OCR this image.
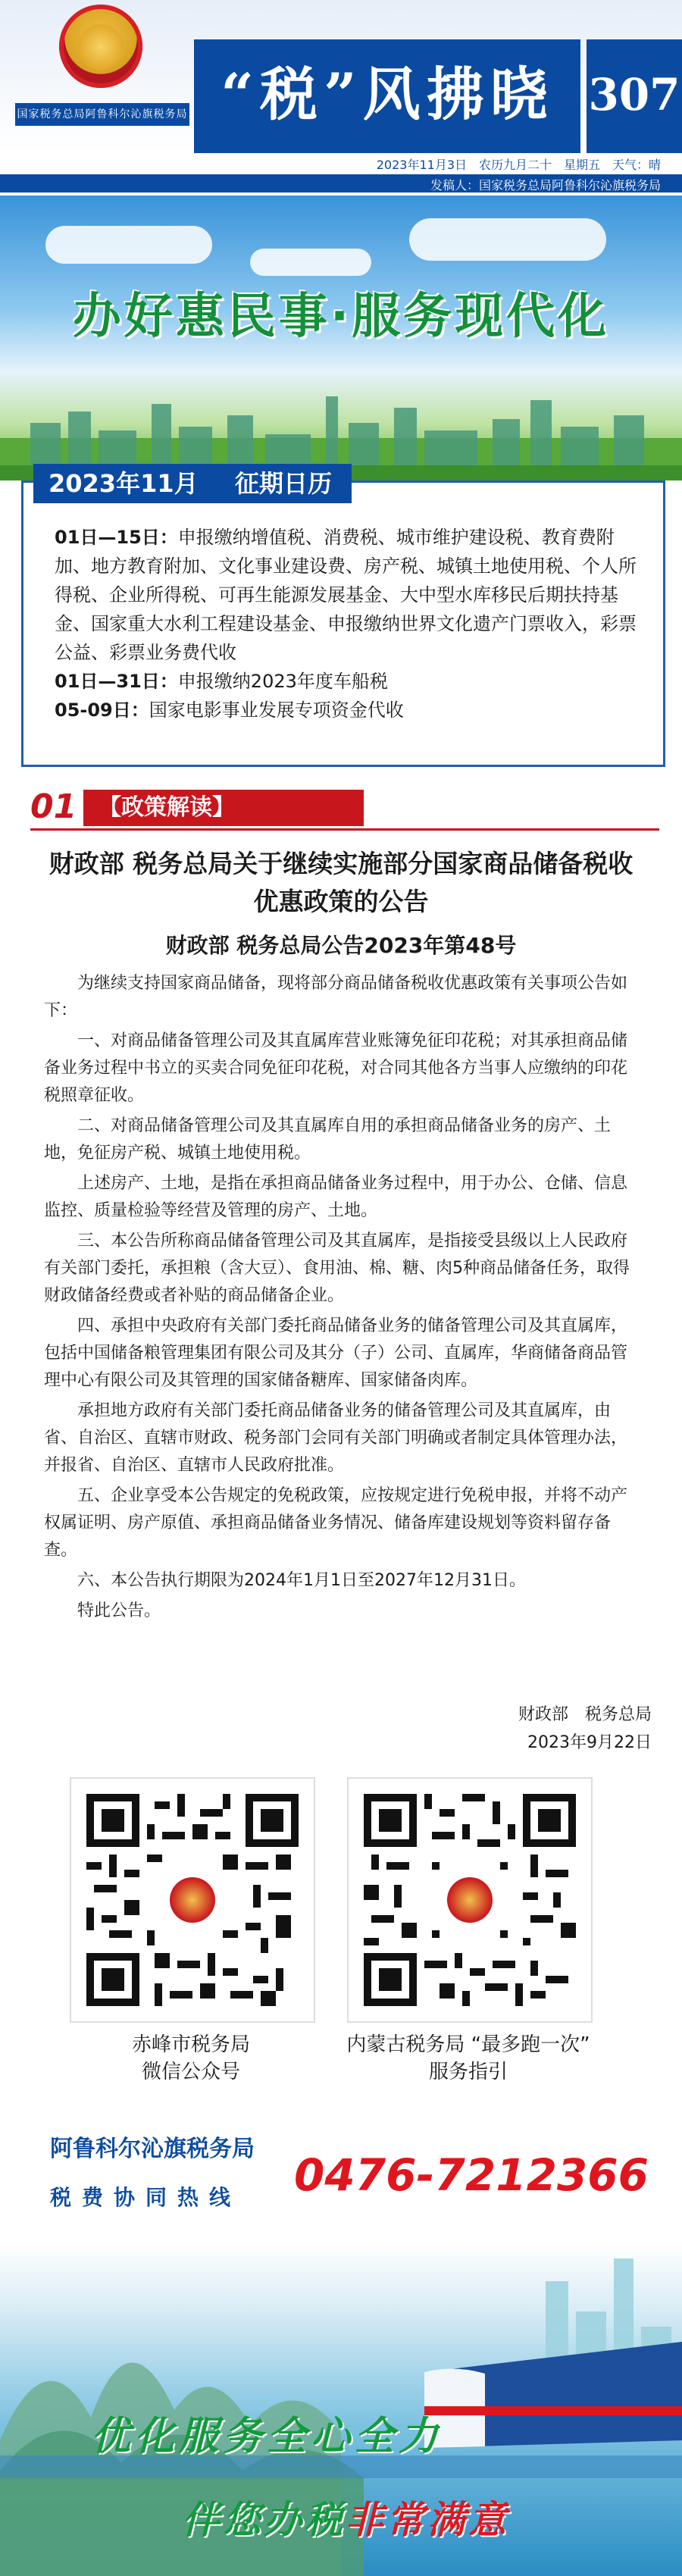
国家税务总局阿鲁科尔沁旗税务局 “税”风拂晓 307
2023年11月3日　农历九月二十　星期五　天气：晴
发稿人：国家税务总局阿鲁科尔沁旗税务局
办好惠民事·服务现代化
2023年11月	征期日历

01日—15日：申报缴纳增值税、消费税、城市维护建设税、教育费附加、地方教育附加、文化事业建设费、房产税、城镇土地使用税、个人所得税、企业所得税、可再生能源发展基金、大中型水库移民后期扶持基金、国家重大水利工程建设基金、申报缴纳世界文化遗产门票收入，彩票公益、彩票业务费代收

01日—31日：申报缴纳2023年度车船税

05-09日：国家电影事业发展专项资金代收

01 【政策解读】
财政部 税务总局关于继续实施部分国家商品储备税收优惠政策的公告
财政部 税务总局公告2023年第48号

为继续支持国家商品储备，现将部分商品储备税收优惠政策有关事项公告如下：

一、对商品储备管理公司及其直属库营业账簿免征印花税；对其承担商品储备业务过程中书立的买卖合同免征印花税，对合同其他各方当事人应缴纳的印花税照章征收。

二、对商品储备管理公司及其直属库自用的承担商品储备业务的房产、土地，免征房产税、城镇土地使用税。

上述房产、土地，是指在承担商品储备业务过程中，用于办公、仓储、信息监控、质量检验等经营及管理的房产、土地。

三、本公告所称商品储备管理公司及其直属库，是指接受县级以上人民政府有关部门委托，承担粮（含大豆）、食用油、棉、糖、肉5种商品储备任务，取得财政储备经费或者补贴的商品储备企业。

四、承担中央政府有关部门委托商品储备业务的储备管理公司及其直属库，包括中国储备粮管理集团有限公司及其分（子）公司、直属库，华商储备商品管理中心有限公司及其管理的国家储备糖库、国家储备肉库。

承担地方政府有关部门委托商品储备业务的储备管理公司及其直属库，由省、自治区、直辖市财政、税务部门会同有关部门明确或者制定具体管理办法，并报省、自治区、直辖市人民政府批准。

五、企业享受本公告规定的免税政策，应按规定进行免税申报，并将不动产权属证明、房产原值、承担商品储备业务情况、储备库建设规划等资料留存备查。

六、本公告执行期限为2024年1月1日至2027年12月31日。

特此公告。

财政部　税务总局
2023年9月22日
赤峰市税务局
微信公众号
内蒙古税务局 “最多跑一次”
服务指引
阿鲁科尔沁旗税务局
税费协同热线	0476-7212366
优化服务全心全力
伴您办税非常满意
